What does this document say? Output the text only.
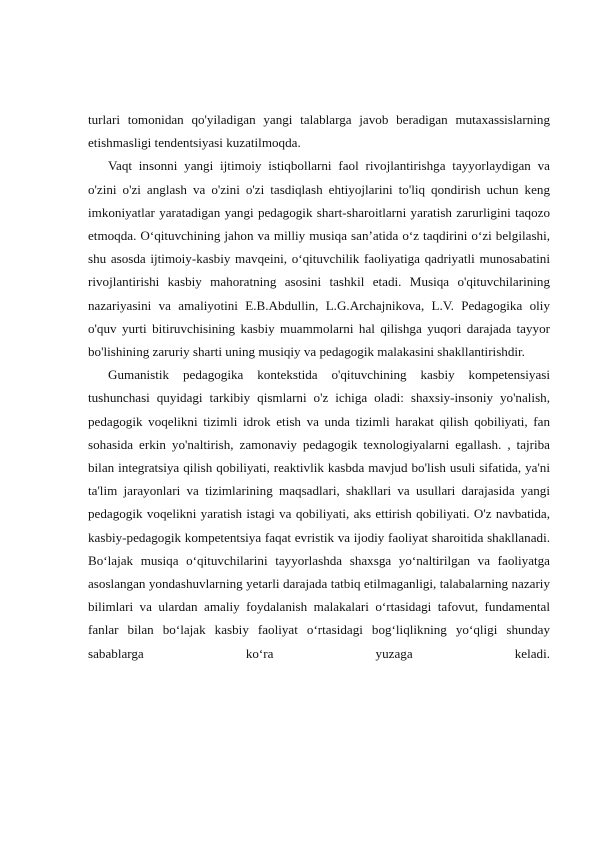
turlari tomonidan qo'yiladigan yangi talablarga javob beradigan mutaxassislarning etishmasligi tendentsiyasi kuzatilmoqda.

Vaqt insonni yangi ijtimoiy istiqbollarni faol rivojlantirishga tayyorlaydigan va o'zini o'zi anglash va o'zini o'zi tasdiqlash ehtiyojlarini to'liq qondirish uchun keng imkoniyatlar yaratadigan yangi pedagogik shart-sharoitlarni yaratish zarurligini taqozo etmoqda. O‘qituvchining jahon va milliy musiqa san’atida o‘z taqdirini o‘zi belgilashi, shu asosda ijtimoiy-kasbiy mavqeini, o‘qituvchilik faoliyatiga qadriyatli munosabatini rivojlantirishi kasbiy mahoratning asosini tashkil etadi. Musiqa o'qituvchilarining nazariyasini va amaliyotini E.B.Abdullin, L.G.Archajnikova, L.V. Pedagogika oliy o'quv yurti bitiruvchisining kasbiy muammolarni hal qilishga yuqori darajada tayyor bo'lishining zaruriy sharti uning musiqiy va pedagogik malakasini shakllantirishdir.

Gumanistik pedagogika kontekstida o'qituvchining kasbiy kompetensiyasi tushunchasi quyidagi tarkibiy qismlarni o'z ichiga oladi: shaxsiy-insoniy yo'nalish, pedagogik voqelikni tizimli idrok etish va unda tizimli harakat qilish qobiliyati, fan sohasida erkin yo'naltirish, zamonaviy pedagogik texnologiyalarni egallash. , tajriba bilan integratsiya qilish qobiliyati, reaktivlik kasbda mavjud bo'lish usuli sifatida, ya'ni ta'lim jarayonlari va tizimlarining maqsadlari, shakllari va usullari darajasida yangi pedagogik voqelikni yaratish istagi va qobiliyati, aks ettirish qobiliyati. O'z navbatida, kasbiy-pedagogik kompetentsiya faqat evristik va ijodiy faoliyat sharoitida shakllanadi. Bo‘lajak musiqa o‘qituvchilarini tayyorlashda shaxsga yo‘naltirilgan va faoliyatga asoslangan yondashuvlarning yetarli darajada tatbiq etilmaganligi, talabalarning nazariy bilimlari va ulardan amaliy foydalanish malakalari o‘rtasidagi tafovut, fundamental fanlar bilan bo‘lajak kasbiy faoliyat o‘rtasidagi bog‘liqlikning yo‘qligi shunday sabablarga ko‘ra yuzaga keladi.
